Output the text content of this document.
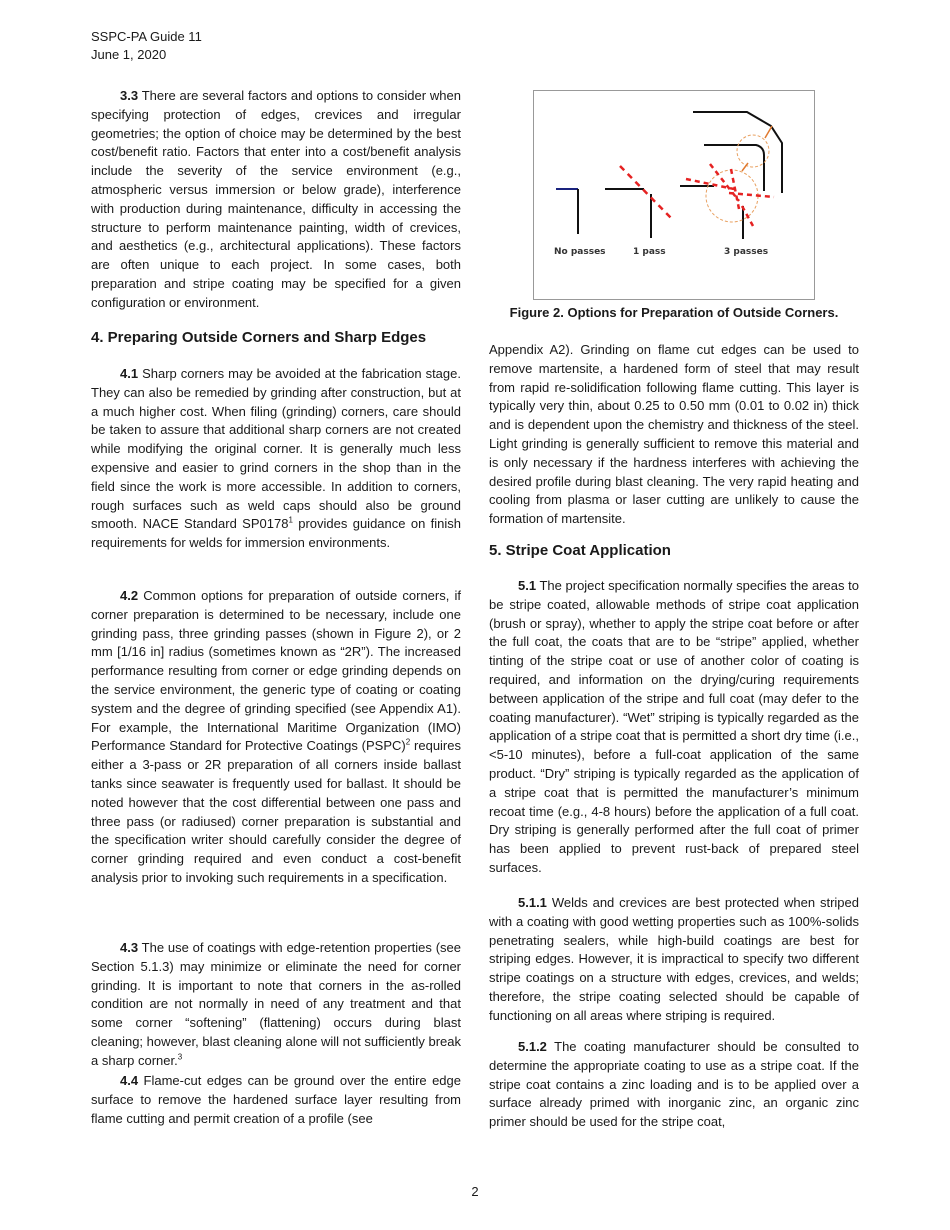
SSPC-PA Guide 11
June 1, 2020
3.3 There are several factors and options to consider when specifying protection of edges, crevices and irregular geometries; the option of choice may be determined by the best cost/benefit ratio. Factors that enter into a cost/benefit analysis include the severity of the service environment (e.g., atmospheric versus immersion or below grade), interference with production during maintenance, difficulty in accessing the structure to perform maintenance painting, width of crevices, and aesthetics (e.g., architectural applications). These factors are often unique to each project. In some cases, both preparation and stripe coating may be specified for a given configuration or environment.
4.1 Sharp corners may be avoided at the fabrication stage. They can also be remedied by grinding after construction, but at a much higher cost. When filing (grinding) corners, care should be taken to assure that additional sharp corners are not created while modifying the original corner. It is generally much less expensive and easier to grind corners in the shop than in the field since the work is more accessible. In addition to corners, rough surfaces such as weld caps should also be ground smooth. NACE Standard SP0178$^1$ provides guidance on finish requirements for welds for immersion environments.
4.2 Common options for preparation of outside corners, if corner preparation is determined to be necessary, include one grinding pass, three grinding passes (shown in Figure 2), or 2 mm [1/16 in] radius (sometimes known as “2R”). The increased performance resulting from corner or edge grinding depends on the service environment, the generic type of coating or coating system and the degree of grinding specified (see Appendix A1). For example, the International Maritime Organization (IMO) Performance Standard for Protective Coatings (PSPC)$^2$ requires either a 3-pass or 2R preparation of all corners inside ballast tanks since seawater is frequently used for ballast. It should be noted however that the cost differential between one pass and three pass (or radiused) corner preparation is substantial and the specification writer should carefully consider the degree of corner grinding required and even conduct a cost-benefit analysis prior to invoking such requirements in a specification.
4.3 The use of coatings with edge-retention properties (see Section 5.1.3) may minimize or eliminate the need for corner grinding. It is important to note that corners in the as-rolled condition are not normally in need of any treatment and that some corner “softening” (flattening) occurs during blast cleaning; however, blast cleaning alone will not sufficiently break a sharp corner.$^3$
4.4 Flame-cut edges can be ground over the entire edge surface to remove the hardened surface layer resulting from flame cutting and permit creation of a profile (see
Appendix A2). Grinding on flame cut edges can be used to remove martensite, a hardened form of steel that may result from rapid re-solidification following flame cutting. This layer is typically very thin, about 0.25 to 0.50 mm (0.01 to 0.02 in) thick and is dependent upon the chemistry and thickness of the steel. Light grinding is generally sufficient to remove this material and is only necessary if the hardness interferes with achieving the desired profile during blast cleaning. The very rapid heating and cooling from plasma or laser cutting are unlikely to cause the formation of martensite.
5.1 The project specification normally specifies the areas to be stripe coated, allowable methods of stripe coat application (brush or spray), whether to apply the stripe coat before or after the full coat, the coats that are to be “stripe” applied, whether tinting of the stripe coat or use of another color of coating is required, and information on the drying/curing requirements between application of the stripe and full coat (may defer to the coating manufacturer). “Wet” striping is typically regarded as the application of a stripe coat that is permitted a short dry time (i.e., <5-10 minutes), before a full-coat application of the same product. “Dry” striping is typically regarded as the application of a stripe coat that is permitted the manufacturer’s minimum recoat time (e.g., 4-8 hours) before the application of a full coat. Dry striping is generally performed after the full coat of primer has been applied to prevent rust-back of prepared steel surfaces.
5.1.1 Welds and crevices are best protected when striped with a coating with good wetting properties such as 100%-solids penetrating sealers, while high-build coatings are best for striping edges. However, it is impractical to specify two different stripe coatings on a structure with edges, crevices, and welds; therefore, the stripe coating selected should be capable of functioning on all areas where striping is required.
5.1.2 The coating manufacturer should be consulted to determine the appropriate coating to use as a stripe coat. If the stripe coat contains a zinc loading and is to be applied over a surface already primed with inorganic zinc, an organic zinc primer should be used for the stripe coat,
4. Preparing Outside Corners and Sharp Edges
5. Stripe Coat Application
No passes	1 pass	3 passes
Figure 2. Options for Preparation of Outside Corners.
2
